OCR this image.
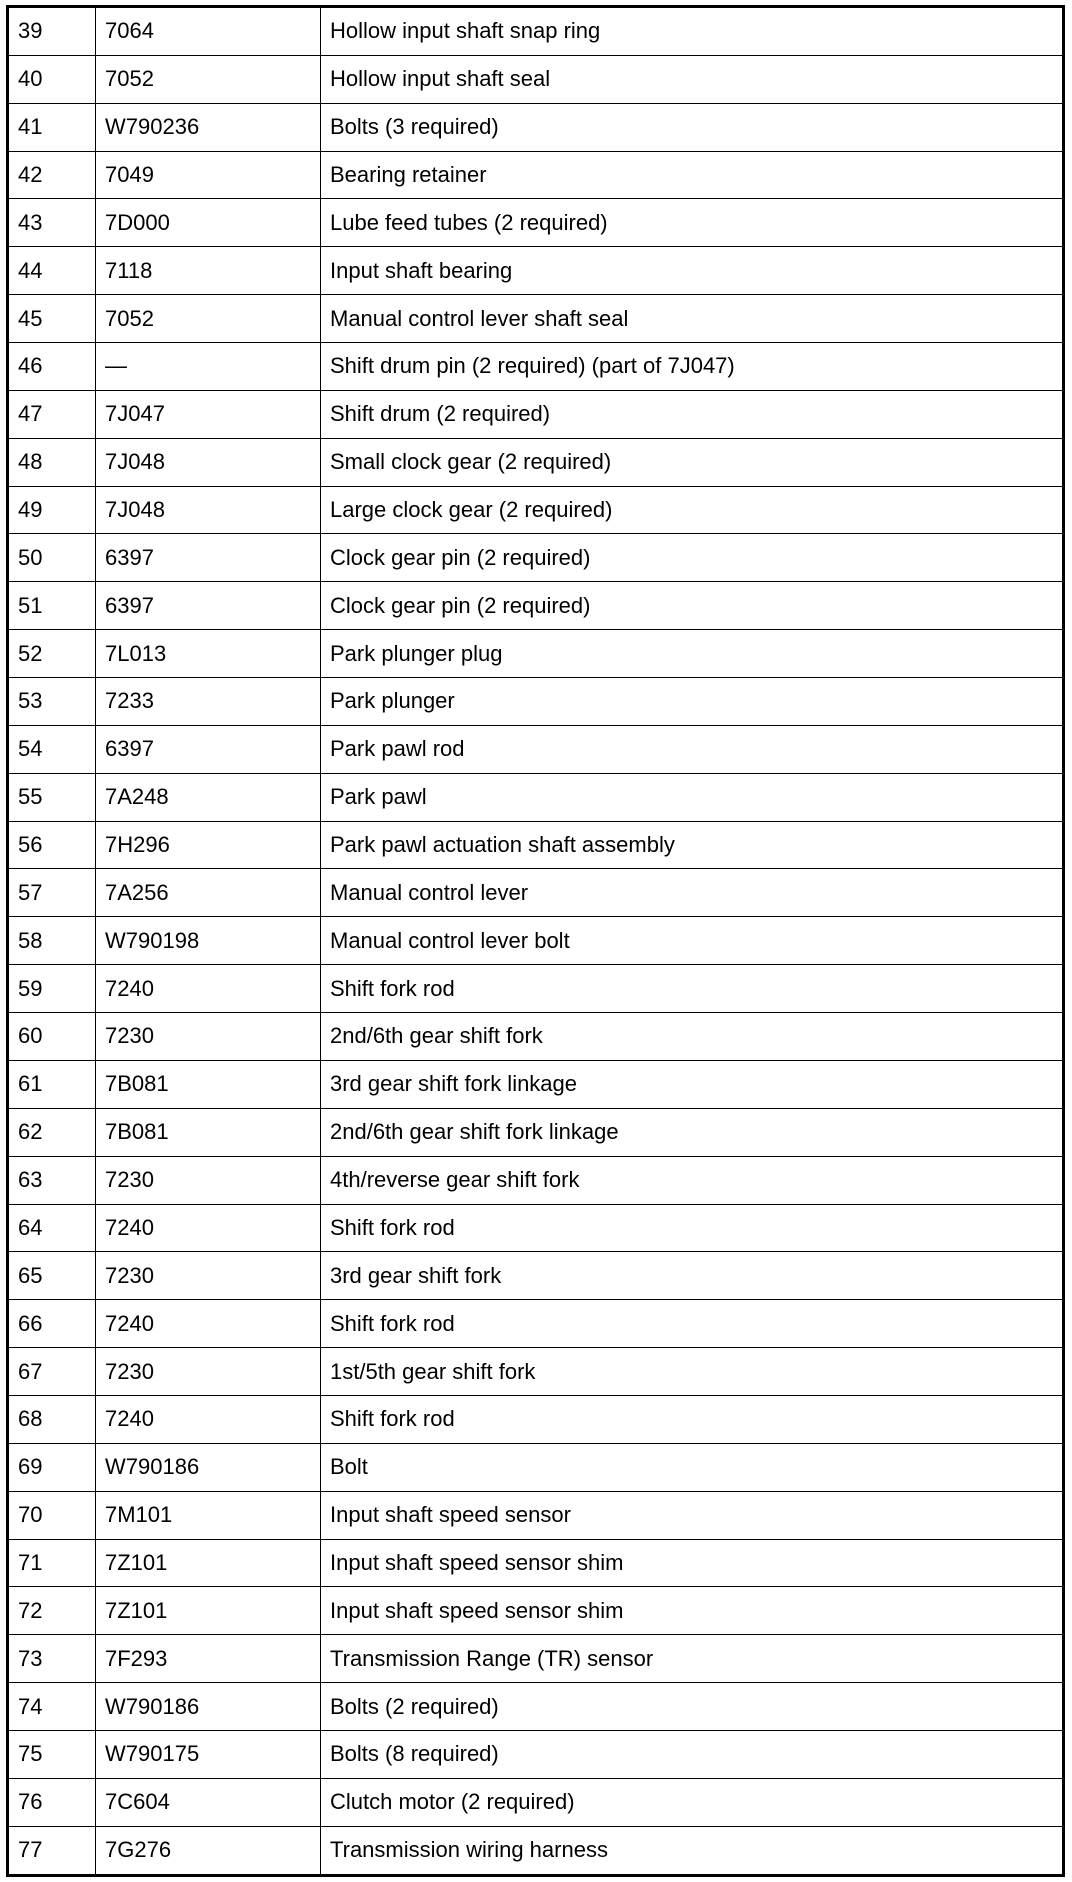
39	7064	Hollow input shaft snap ring
40	7052	Hollow input shaft seal
41	W790236	Bolts (3 required)
42	7049	Bearing retainer
43	7D000	Lube feed tubes (2 required)
44	7118	Input shaft bearing
45	7052	Manual control lever shaft seal
46	—	Shift drum pin (2 required) (part of 7J047)
47	7J047	Shift drum (2 required)
48	7J048	Small clock gear (2 required)
49	7J048	Large clock gear (2 required)
50	6397	Clock gear pin (2 required)
51	6397	Clock gear pin (2 required)
52	7L013	Park plunger plug
53	7233	Park plunger
54	6397	Park pawl rod
55	7A248	Park pawl
56	7H296	Park pawl actuation shaft assembly
57	7A256	Manual control lever
58	W790198	Manual control lever bolt
59	7240	Shift fork rod
60	7230	2nd/6th gear shift fork
61	7B081	3rd gear shift fork linkage
62	7B081	2nd/6th gear shift fork linkage
63	7230	4th/reverse gear shift fork
64	7240	Shift fork rod
65	7230	3rd gear shift fork
66	7240	Shift fork rod
67	7230	1st/5th gear shift fork
68	7240	Shift fork rod
69	W790186	Bolt
70	7M101	Input shaft speed sensor
71	7Z101	Input shaft speed sensor shim
72	7Z101	Input shaft speed sensor shim
73	7F293	Transmission Range (TR) sensor
74	W790186	Bolts (2 required)
75	W790175	Bolts (8 required)
76	7C604	Clutch motor (2 required)
77	7G276	Transmission wiring harness
